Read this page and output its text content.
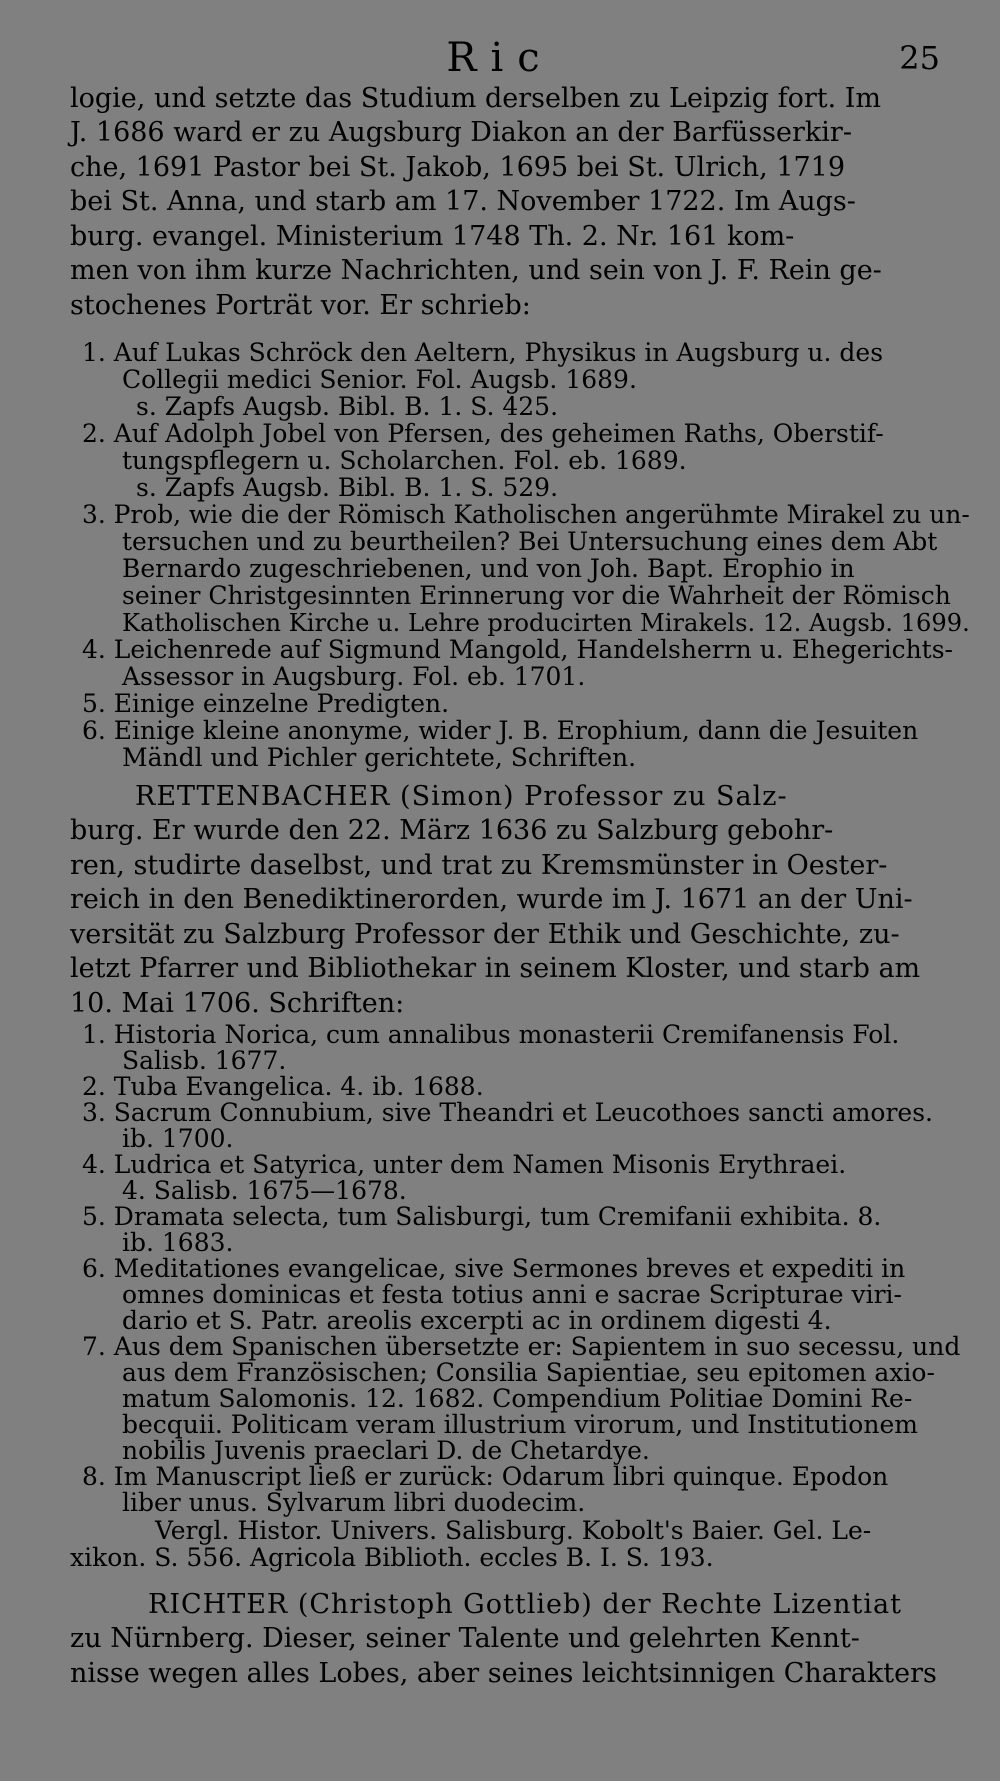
Ric	25
logie, und setzte das Studium derselben zu Leipzig fort. Im
J. 1686 ward er zu Augsburg Diakon an der Barfüsserkir-
che, 1691 Pastor bei St. Jakob, 1695 bei St. Ulrich, 1719
bei St. Anna, und starb am 17. November 1722. Im Augs-
burg. evangel. Ministerium 1748 Th. 2. Nr. 161 kom-
men von ihm kurze Nachrichten, und sein von J. F. Rein ge-
stochenes Porträt vor. Er schrieb:
1. Auf Lukas Schröck den Aeltern, Physikus in Augsburg u. des
Collegii medici Senior. Fol. Augsb. 1689.
s. Zapfs Augsb. Bibl. B. 1. S. 425.
2. Auf Adolph Jobel von Pfersen, des geheimen Raths, Oberstif-
tungspflegern u. Scholarchen. Fol. eb. 1689.
s. Zapfs Augsb. Bibl. B. 1. S. 529.
3. Prob, wie die der Römisch Katholischen angerühmte Mirakel zu un-
tersuchen und zu beurtheilen? Bei Untersuchung eines dem Abt
Bernardo zugeschriebenen, und von Joh. Bapt. Erophio in
seiner Christgesinnten Erinnerung vor die Wahrheit der Römisch
Katholischen Kirche u. Lehre producirten Mirakels. 12. Augsb. 1699.
4. Leichenrede auf Sigmund Mangold, Handelsherrn u. Ehegerichts-
Assessor in Augsburg. Fol. eb. 1701.
5. Einige einzelne Predigten.
6. Einige kleine anonyme, wider J. B. Erophium, dann die Jesuiten
Mändl und Pichler gerichtete, Schriften.
RETTENBACHER (Simon) Professor zu Salz-
burg. Er wurde den 22. März 1636 zu Salzburg gebohr-
ren, studirte daselbst, und trat zu Kremsmünster in Oester-
reich in den Benediktinerorden, wurde im J. 1671 an der Uni-
versität zu Salzburg Professor der Ethik und Geschichte, zu-
letzt Pfarrer und Bibliothekar in seinem Kloster, und starb am
10. Mai 1706. Schriften:
1. Historia Norica, cum annalibus monasterii Cremifanensis Fol.
Salisb. 1677.
2. Tuba Evangelica. 4. ib. 1688.
3. Sacrum Connubium, sive Theandri et Leucothoes sancti amores.
ib. 1700.
4. Ludrica et Satyrica, unter dem Namen Misonis Erythraei.
4. Salisb. 1675—1678.
5. Dramata selecta, tum Salisburgi, tum Cremifanii exhibita. 8.
ib. 1683.
6. Meditationes evangelicae, sive Sermones breves et expediti in
omnes dominicas et festa totius anni e sacrae Scripturae viri-
dario et S. Patr. areolis excerpti ac in ordinem digesti 4.
7. Aus dem Spanischen übersetzte er: Sapientem in suo secessu, und
aus dem Französischen; Consilia Sapientiae, seu epitomen axio-
matum Salomonis. 12. 1682. Compendium Politiae Domini Re-
becquii. Politicam veram illustrium virorum, und Institutionem
nobilis Juvenis praeclari D. de Chetardye.
8. Im Manuscript ließ er zurück: Odarum libri quinque. Epodon
liber unus. Sylvarum libri duodecim.
Vergl. Histor. Univers. Salisburg. Kobolt's Baier. Gel. Le-
xikon. S. 556. Agricola Biblioth. eccles B. I. S. 193.
RICHTER (Christoph Gottlieb) der Rechte Lizentiat
zu Nürnberg. Dieser, seiner Talente und gelehrten Kennt-
nisse wegen alles Lobes, aber seines leichtsinnigen Charakters
